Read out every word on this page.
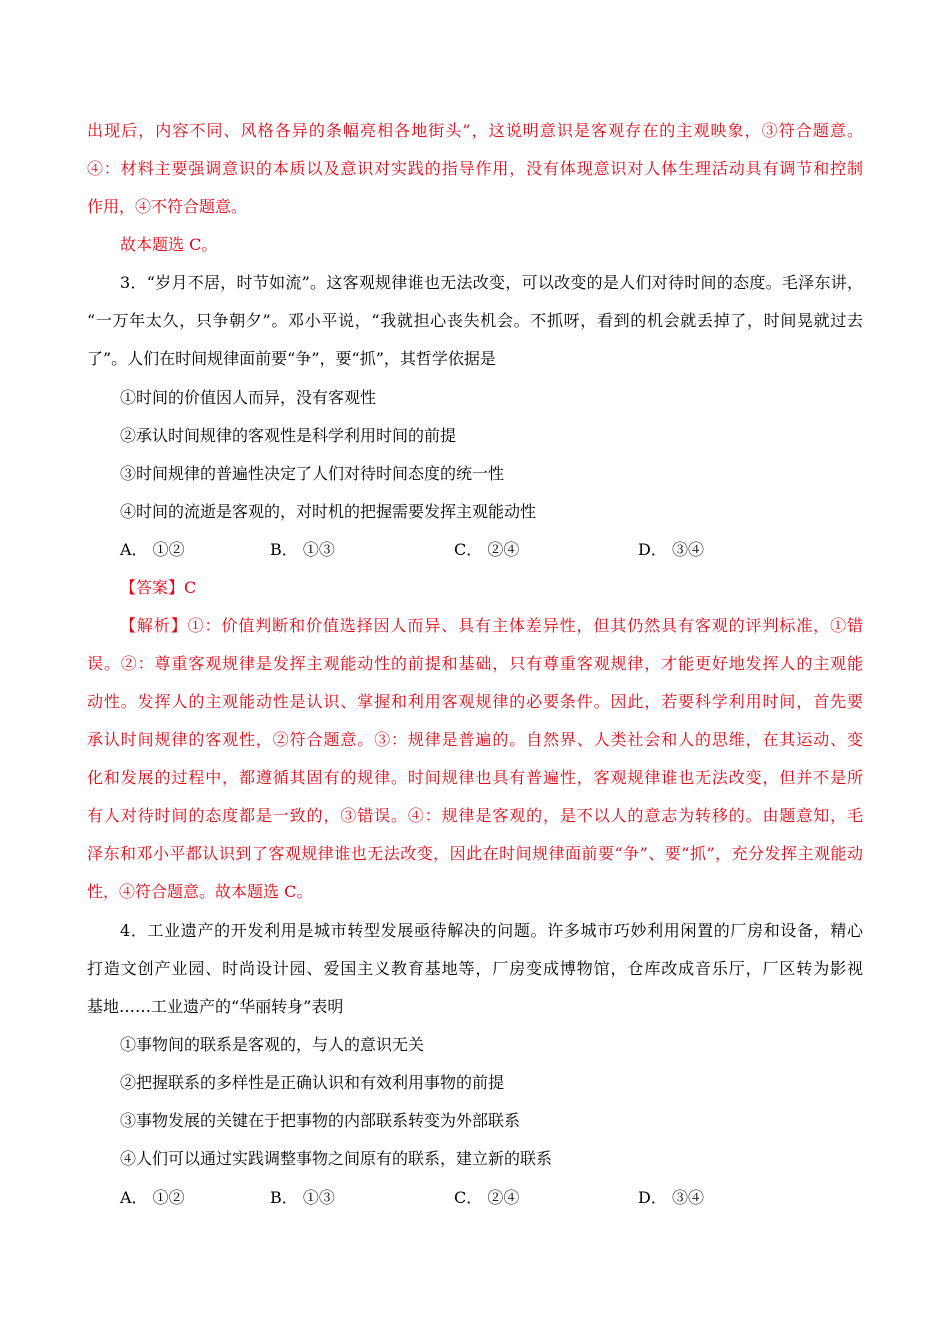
出现后，内容不同、风格各异的条幅亮相各地街头”，这说明意识是客观存在的主观映象，③符合题意。
④：材料主要强调意识的本质以及意识对实践的指导作用，没有体现意识对人体生理活动具有调节和控制
作用，④不符合题意。
故本题选 C。
3．“岁月不居，时节如流”。这客观规律谁也无法改变，可以改变的是人们对待时间的态度。毛泽东讲，
“一万年太久，只争朝夕”。邓小平说，“我就担心丧失机会。不抓呀，看到的机会就丢掉了，时间晃就过去
了”。人们在时间规律面前要“争”，要“抓”，其哲学依据是
①时间的价值因人而异，没有客观性
②承认时间规律的客观性是科学利用时间的前提
③时间规律的普遍性决定了人们对待时间态度的统一性
④时间的流逝是客观的，对时机的把握需要发挥主观能动性
A． ①②	B． ①③	C． ②④	D． ③④
【答案】C
【解析】①：价值判断和价值选择因人而异、具有主体差异性，但其仍然具有客观的评判标准，①错
误。②：尊重客观规律是发挥主观能动性的前提和基础，只有尊重客观规律，才能更好地发挥人的主观能
动性。发挥人的主观能动性是认识、掌握和利用客观规律的必要条件。因此，若要科学利用时间，首先要
承认时间规律的客观性，②符合题意。③：规律是普遍的。自然界、人类社会和人的思维，在其运动、变
化和发展的过程中，都遵循其固有的规律。时间规律也具有普遍性，客观规律谁也无法改变，但并不是所
有人对待时间的态度都是一致的，③错误。④：规律是客观的，是不以人的意志为转移的。由题意知，毛
泽东和邓小平都认识到了客观规律谁也无法改变，因此在时间规律面前要“争”、要“抓”，充分发挥主观能动
性，④符合题意。故本题选 C。
4．工业遗产的开发利用是城市转型发展亟待解决的问题。许多城市巧妙利用闲置的厂房和设备，精心
打造文创产业园、时尚设计园、爱国主义教育基地等，厂房变成博物馆，仓库改成音乐厅，厂区转为影视
基地……工业遗产的“华丽转身”表明
①事物间的联系是客观的，与人的意识无关
②把握联系的多样性是正确认识和有效利用事物的前提
③事物发展的关键在于把事物的内部联系转变为外部联系
④人们可以通过实践调整事物之间原有的联系，建立新的联系
A． ①②	B． ①③	C． ②④	D． ③④
